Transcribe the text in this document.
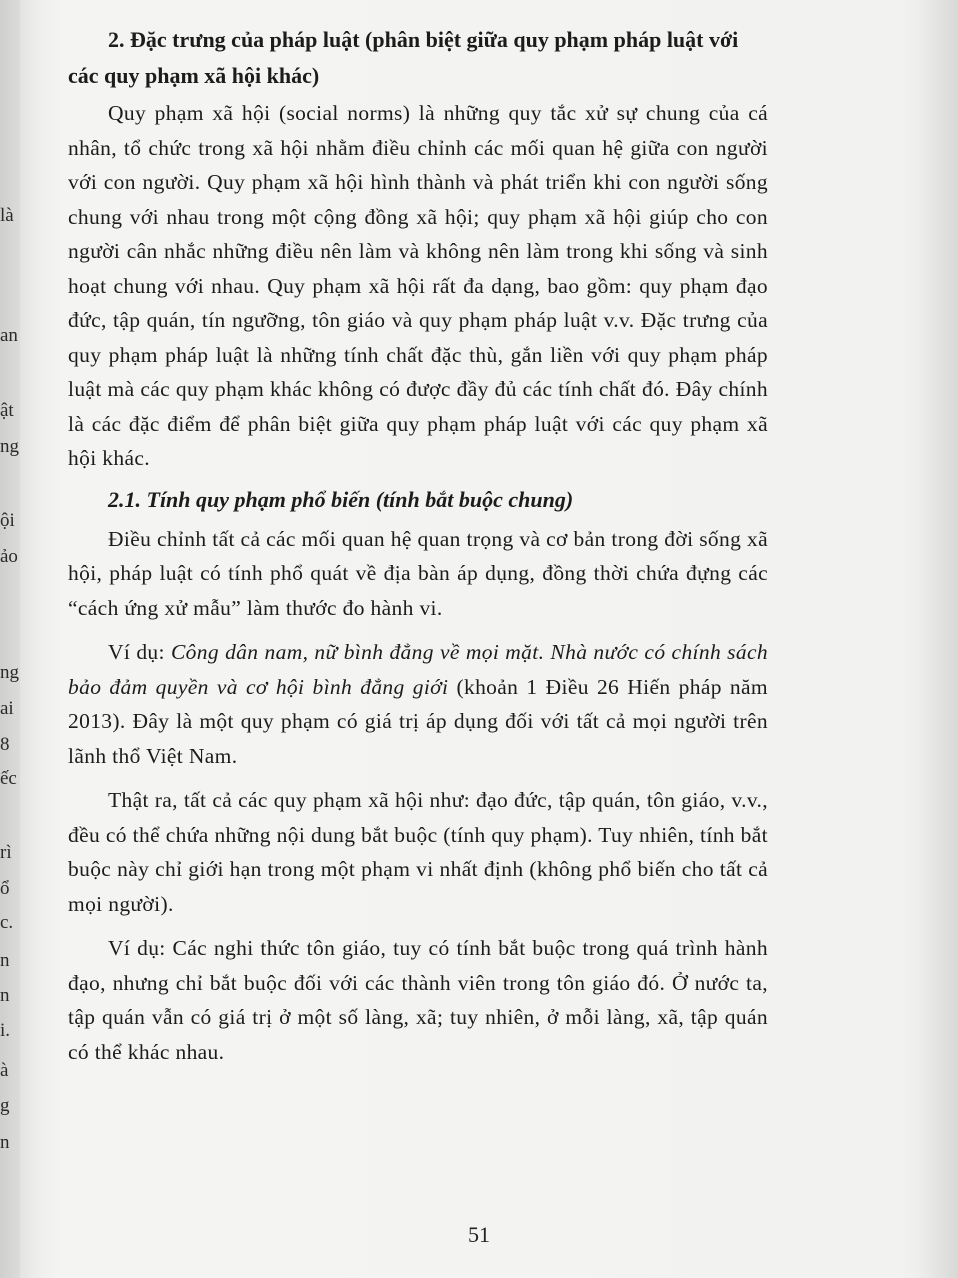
là
an
ật
ng
ội
ảo
ng
ai
8
ếc
rì
ổ
c.
n
n
i.
à
g
n
2. Đặc trưng của pháp luật (phân biệt giữa quy phạm pháp luật với các quy phạm xã hội khác)
Quy phạm xã hội (social norms) là những quy tắc xử sự chung của cá nhân, tổ chức trong xã hội nhằm điều chỉnh các mối quan hệ giữa con người với con người. Quy phạm xã hội hình thành và phát triển khi con người sống chung với nhau trong một cộng đồng xã hội; quy phạm xã hội giúp cho con người cân nhắc những điều nên làm và không nên làm trong khi sống và sinh hoạt chung với nhau. Quy phạm xã hội rất đa dạng, bao gồm: quy phạm đạo đức, tập quán, tín ngưỡng, tôn giáo và quy phạm pháp luật v.v. Đặc trưng của quy phạm pháp luật là những tính chất đặc thù, gắn liền với quy phạm pháp luật mà các quy phạm khác không có được đầy đủ các tính chất đó. Đây chính là các đặc điểm để phân biệt giữa quy phạm pháp luật với các quy phạm xã hội khác.
2.1. Tính quy phạm phổ biến (tính bắt buộc chung)
Điều chỉnh tất cả các mối quan hệ quan trọng và cơ bản trong đời sống xã hội, pháp luật có tính phổ quát về địa bàn áp dụng, đồng thời chứa đựng các “cách ứng xử mẫu” làm thước đo hành vi.
Ví dụ: Công dân nam, nữ bình đẳng về mọi mặt. Nhà nước có chính sách bảo đảm quyền và cơ hội bình đẳng giới (khoản 1 Điều 26 Hiến pháp năm 2013). Đây là một quy phạm có giá trị áp dụng đối với tất cả mọi người trên lãnh thổ Việt Nam.
Thật ra, tất cả các quy phạm xã hội như: đạo đức, tập quán, tôn giáo, v.v., đều có thể chứa những nội dung bắt buộc (tính quy phạm). Tuy nhiên, tính bắt buộc này chỉ giới hạn trong một phạm vi nhất định (không phổ biến cho tất cả mọi người).
Ví dụ: Các nghi thức tôn giáo, tuy có tính bắt buộc trong quá trình hành đạo, nhưng chỉ bắt buộc đối với các thành viên trong tôn giáo đó. Ở nước ta, tập quán vẫn có giá trị ở một số làng, xã; tuy nhiên, ở mỗi làng, xã, tập quán có thể khác nhau.
51
